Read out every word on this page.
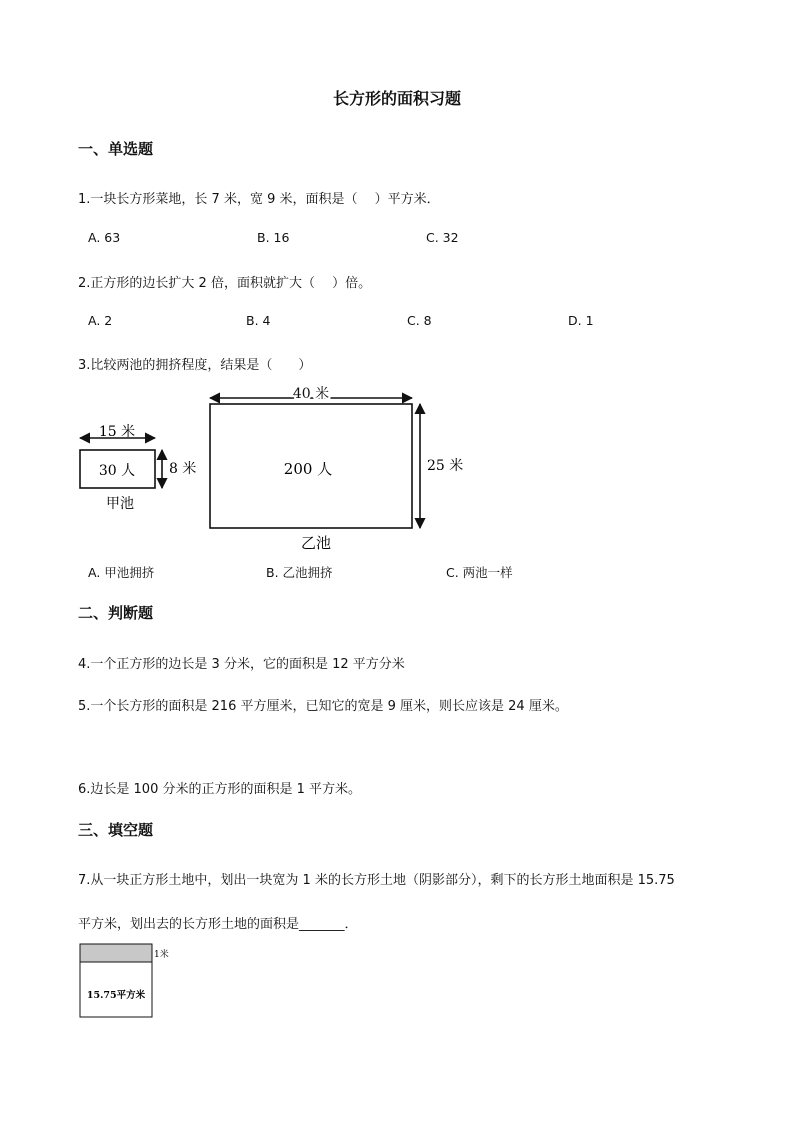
长方形的面积习题
一、单选题
1.一块长方形菜地，长 7 米，宽 9 米，面积是（　 ）平方米．
A. 63	B. 16	C. 32
2.正方形的边长扩大 2 倍，面积就扩大（　 ）倍。
A. 2	B. 4	C. 8	D. 1
3.比较两池的拥挤程度，结果是（　　）
15 米
30 人 8 米
甲池
40 米
200 人	25 米
乙池
A. 甲池拥挤	B. 乙池拥挤	C. 两池一样
二、判断题
4.一个正方形的边长是 3 分米，它的面积是 12 平方分米
5.一个长方形的面积是 216 平方厘米，已知它的宽是 9 厘米，则长应该是 24 厘米。
6.边长是 100 分米的正方形的面积是 1 平方米。
三、填空题
7.从一块正方形土地中，划出一块宽为 1 米的长方形土地（阴影部分），剩下的长方形土地面积是 15.75
平方米，划出去的长方形土地的面积是_______．
1米
15.75平方米
